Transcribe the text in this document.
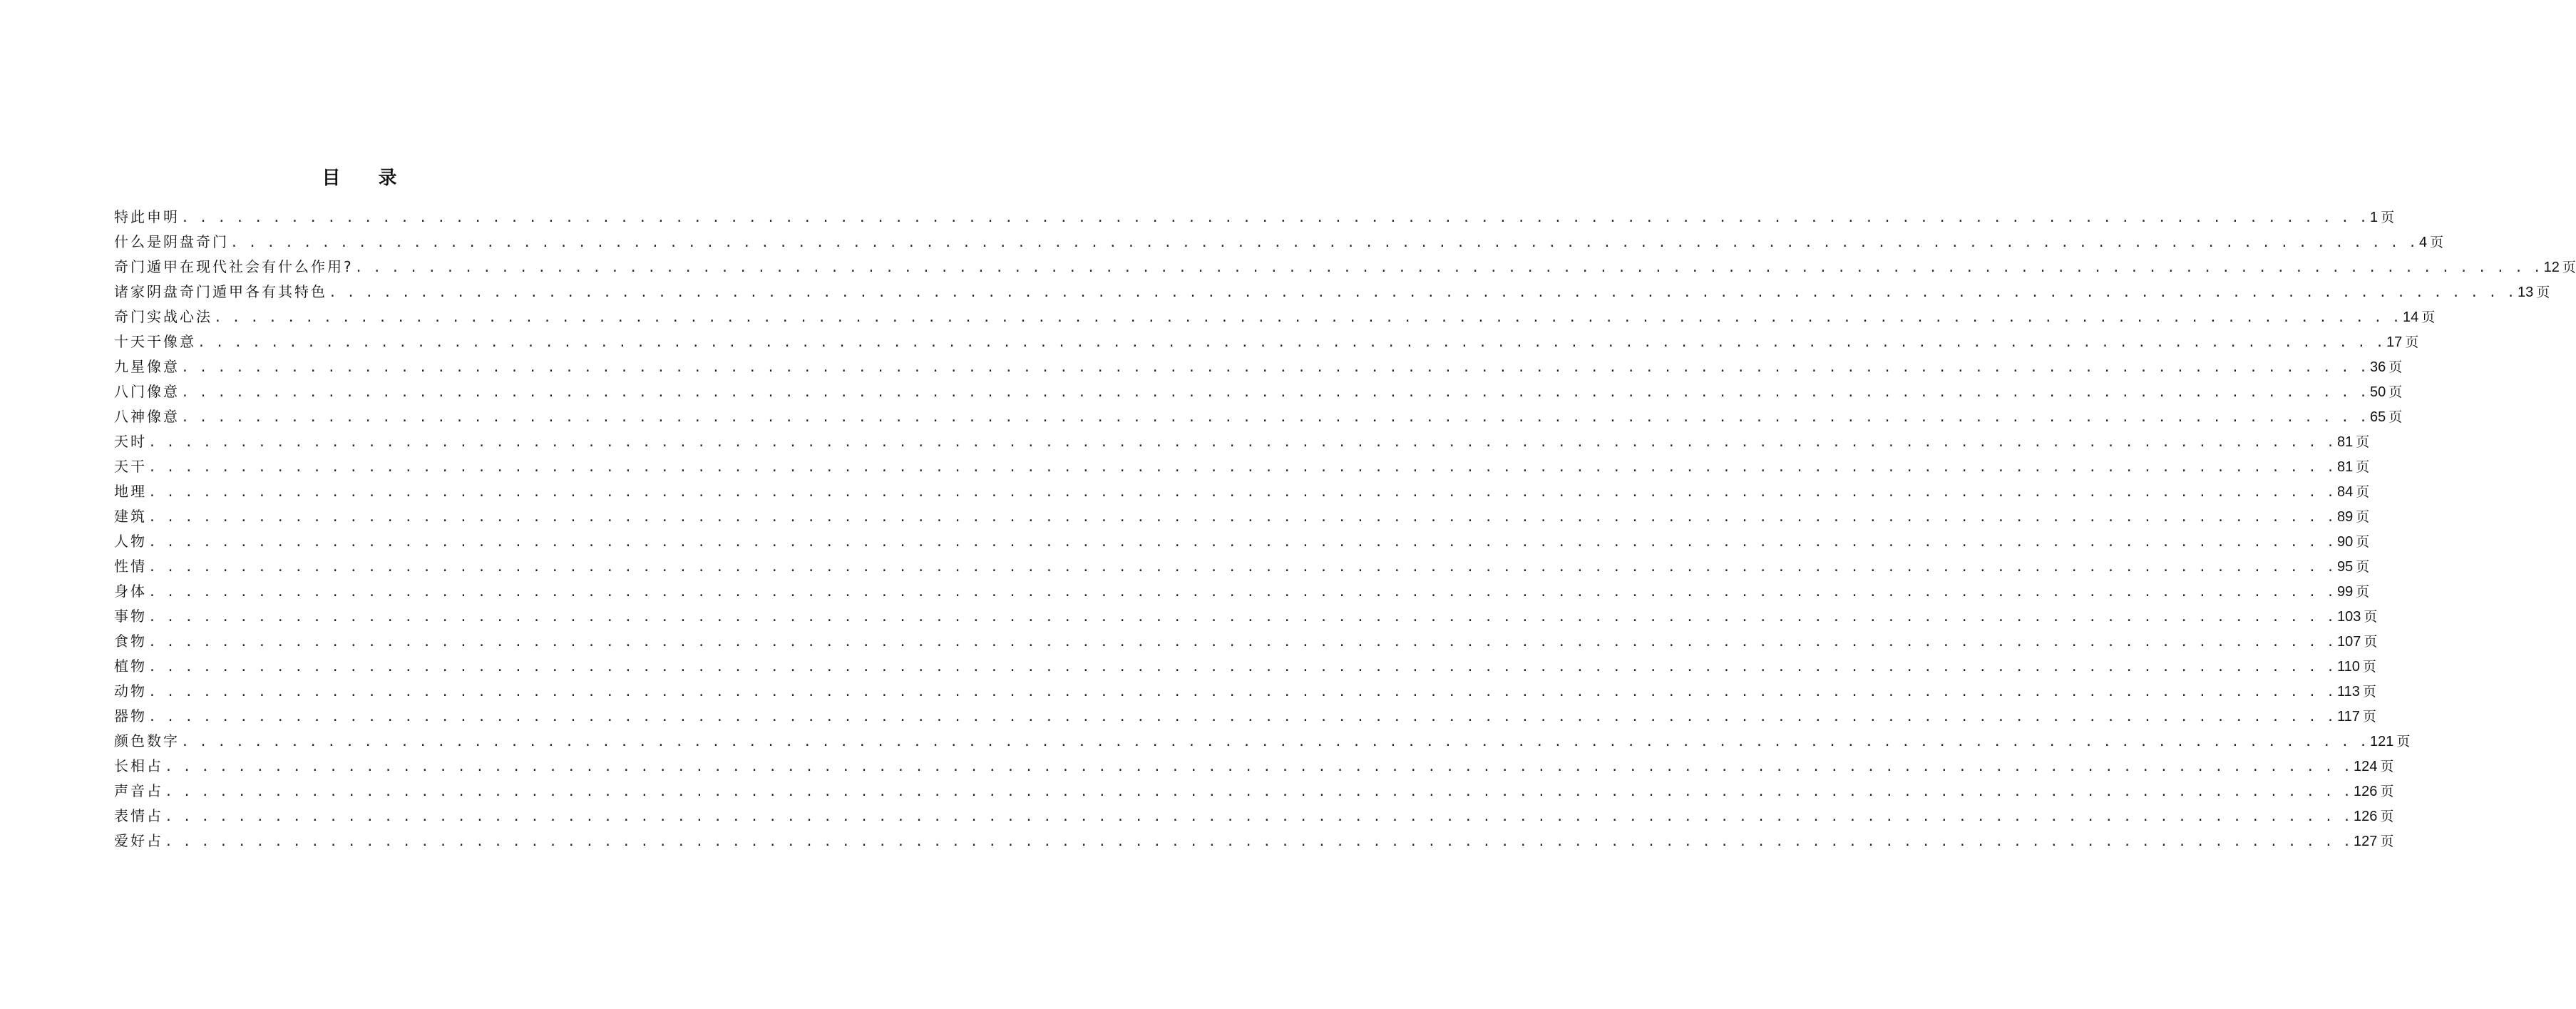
目 录
特此申明 . . . . . . . . . . . . . . . . . . . . . . . . . . . . . . . . . . . . . . . . . . . . . . . . . . . . . . . . . . . . . . . . . . . . . . . . . . . . . . . . . . . . . . . . . . . . . . . . . . . . . . . . . . . . . . . . . . . . . . . . 1 页
什么是阴盘奇门 . . . . . . . . . . . . . . . . . . . . . . . . . . . . . . . . . . . . . . . . . . . . . . . . . . . . . . . . . . . . . . . . . . . . . . . . . . . . . . . . . . . . . . . . . . . . . . . . . . . . . . . . . . . . . . . . . . . . . . . . 4 页
奇门遁甲在现代社会有什么作用? . . . . . . . . . . . . . . . . . . . . . . . . . . . . . . . . . . . . . . . . . . . . . . . . . . . . . . . . . . . . . . . . . . . . . . . . . . . . . . . . . . . . . . . . . . . . . . . . . . . . . . . . . . . . . . . . . . . . . . . . 12 页
诸家阴盘奇门遁甲各有其特色 . . . . . . . . . . . . . . . . . . . . . . . . . . . . . . . . . . . . . . . . . . . . . . . . . . . . . . . . . . . . . . . . . . . . . . . . . . . . . . . . . . . . . . . . . . . . . . . . . . . . . . . . . . . . . . . . . . . . . . . . 13 页
奇门实战心法 . . . . . . . . . . . . . . . . . . . . . . . . . . . . . . . . . . . . . . . . . . . . . . . . . . . . . . . . . . . . . . . . . . . . . . . . . . . . . . . . . . . . . . . . . . . . . . . . . . . . . . . . . . . . . . . . . . . . . . . . 14 页
十天干像意 . . . . . . . . . . . . . . . . . . . . . . . . . . . . . . . . . . . . . . . . . . . . . . . . . . . . . . . . . . . . . . . . . . . . . . . . . . . . . . . . . . . . . . . . . . . . . . . . . . . . . . . . . . . . . . . . . . . . . . . . 17 页
九星像意 . . . . . . . . . . . . . . . . . . . . . . . . . . . . . . . . . . . . . . . . . . . . . . . . . . . . . . . . . . . . . . . . . . . . . . . . . . . . . . . . . . . . . . . . . . . . . . . . . . . . . . . . . . . . . . . . . . . . . . . . 36 页
八门像意 . . . . . . . . . . . . . . . . . . . . . . . . . . . . . . . . . . . . . . . . . . . . . . . . . . . . . . . . . . . . . . . . . . . . . . . . . . . . . . . . . . . . . . . . . . . . . . . . . . . . . . . . . . . . . . . . . . . . . . . . 50 页
八神像意 . . . . . . . . . . . . . . . . . . . . . . . . . . . . . . . . . . . . . . . . . . . . . . . . . . . . . . . . . . . . . . . . . . . . . . . . . . . . . . . . . . . . . . . . . . . . . . . . . . . . . . . . . . . . . . . . . . . . . . . . 65 页
天时 . . . . . . . . . . . . . . . . . . . . . . . . . . . . . . . . . . . . . . . . . . . . . . . . . . . . . . . . . . . . . . . . . . . . . . . . . . . . . . . . . . . . . . . . . . . . . . . . . . . . . . . . . . . . . . . . . . . . . . . . 81 页
天干 . . . . . . . . . . . . . . . . . . . . . . . . . . . . . . . . . . . . . . . . . . . . . . . . . . . . . . . . . . . . . . . . . . . . . . . . . . . . . . . . . . . . . . . . . . . . . . . . . . . . . . . . . . . . . . . . . . . . . . . . 81 页
地理 . . . . . . . . . . . . . . . . . . . . . . . . . . . . . . . . . . . . . . . . . . . . . . . . . . . . . . . . . . . . . . . . . . . . . . . . . . . . . . . . . . . . . . . . . . . . . . . . . . . . . . . . . . . . . . . . . . . . . . . . 84 页
建筑 . . . . . . . . . . . . . . . . . . . . . . . . . . . . . . . . . . . . . . . . . . . . . . . . . . . . . . . . . . . . . . . . . . . . . . . . . . . . . . . . . . . . . . . . . . . . . . . . . . . . . . . . . . . . . . . . . . . . . . . . 89 页
人物 . . . . . . . . . . . . . . . . . . . . . . . . . . . . . . . . . . . . . . . . . . . . . . . . . . . . . . . . . . . . . . . . . . . . . . . . . . . . . . . . . . . . . . . . . . . . . . . . . . . . . . . . . . . . . . . . . . . . . . . . 90 页
性情 . . . . . . . . . . . . . . . . . . . . . . . . . . . . . . . . . . . . . . . . . . . . . . . . . . . . . . . . . . . . . . . . . . . . . . . . . . . . . . . . . . . . . . . . . . . . . . . . . . . . . . . . . . . . . . . . . . . . . . . . 95 页
身体 . . . . . . . . . . . . . . . . . . . . . . . . . . . . . . . . . . . . . . . . . . . . . . . . . . . . . . . . . . . . . . . . . . . . . . . . . . . . . . . . . . . . . . . . . . . . . . . . . . . . . . . . . . . . . . . . . . . . . . . . 99 页
事物 . . . . . . . . . . . . . . . . . . . . . . . . . . . . . . . . . . . . . . . . . . . . . . . . . . . . . . . . . . . . . . . . . . . . . . . . . . . . . . . . . . . . . . . . . . . . . . . . . . . . . . . . . . . . . . . . . . . . . . . . 103 页
食物 . . . . . . . . . . . . . . . . . . . . . . . . . . . . . . . . . . . . . . . . . . . . . . . . . . . . . . . . . . . . . . . . . . . . . . . . . . . . . . . . . . . . . . . . . . . . . . . . . . . . . . . . . . . . . . . . . . . . . . . . 107 页
植物 . . . . . . . . . . . . . . . . . . . . . . . . . . . . . . . . . . . . . . . . . . . . . . . . . . . . . . . . . . . . . . . . . . . . . . . . . . . . . . . . . . . . . . . . . . . . . . . . . . . . . . . . . . . . . . . . . . . . . . . . 110 页
动物 . . . . . . . . . . . . . . . . . . . . . . . . . . . . . . . . . . . . . . . . . . . . . . . . . . . . . . . . . . . . . . . . . . . . . . . . . . . . . . . . . . . . . . . . . . . . . . . . . . . . . . . . . . . . . . . . . . . . . . . . 113 页
器物 . . . . . . . . . . . . . . . . . . . . . . . . . . . . . . . . . . . . . . . . . . . . . . . . . . . . . . . . . . . . . . . . . . . . . . . . . . . . . . . . . . . . . . . . . . . . . . . . . . . . . . . . . . . . . . . . . . . . . . . . 117 页
颜色数字 . . . . . . . . . . . . . . . . . . . . . . . . . . . . . . . . . . . . . . . . . . . . . . . . . . . . . . . . . . . . . . . . . . . . . . . . . . . . . . . . . . . . . . . . . . . . . . . . . . . . . . . . . . . . . . . . . . . . . . . . 121 页
长相占 . . . . . . . . . . . . . . . . . . . . . . . . . . . . . . . . . . . . . . . . . . . . . . . . . . . . . . . . . . . . . . . . . . . . . . . . . . . . . . . . . . . . . . . . . . . . . . . . . . . . . . . . . . . . . . . . . . . . . . . . 124 页
声音占 . . . . . . . . . . . . . . . . . . . . . . . . . . . . . . . . . . . . . . . . . . . . . . . . . . . . . . . . . . . . . . . . . . . . . . . . . . . . . . . . . . . . . . . . . . . . . . . . . . . . . . . . . . . . . . . . . . . . . . . . 126 页
表情占 . . . . . . . . . . . . . . . . . . . . . . . . . . . . . . . . . . . . . . . . . . . . . . . . . . . . . . . . . . . . . . . . . . . . . . . . . . . . . . . . . . . . . . . . . . . . . . . . . . . . . . . . . . . . . . . . . . . . . . . . 126 页
爱好占 . . . . . . . . . . . . . . . . . . . . . . . . . . . . . . . . . . . . . . . . . . . . . . . . . . . . . . . . . . . . . . . . . . . . . . . . . . . . . . . . . . . . . . . . . . . . . . . . . . . . . . . . . . . . . . . . . . . . . . . . 127 页
